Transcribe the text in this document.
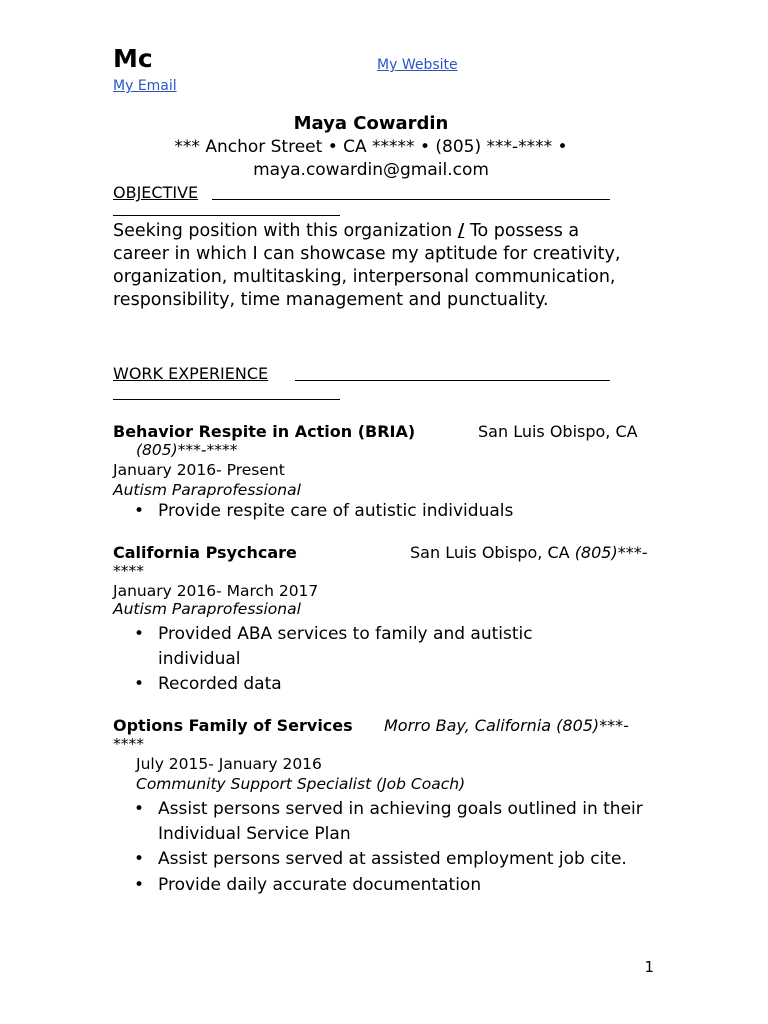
Mc	My Website
My Email
Maya Cowardin
*** Anchor Street • CA ***** • (805) ***-**** •
maya.cowardin@gmail.com
OBJECTIVE
Seeking position with this organization / To possess a career in which I can showcase my aptitude for creativity, organization, multitasking, interpersonal communication, responsibility, time management and punctuality.
WORK EXPERIENCE
Behavior Respite in Action (BRIA)	San Luis Obispo, CA
(805)***-****
January 2016- Present
Autism Paraprofessional
• Provide respite care of autistic individuals
California Psychcare	San Luis Obispo, CA (805)***-
****
January 2016- March 2017
Autism Paraprofessional
• Provided ABA services to family and autistic individual
• Recorded data
Options Family of Services Morro Bay, California (805)***-
****
July 2015- January 2016
Community Support Specialist (Job Coach)
• Assist persons served in achieving goals outlined in their Individual Service Plan
• Assist persons served at assisted employment job cite.
• Provide daily accurate documentation
1
